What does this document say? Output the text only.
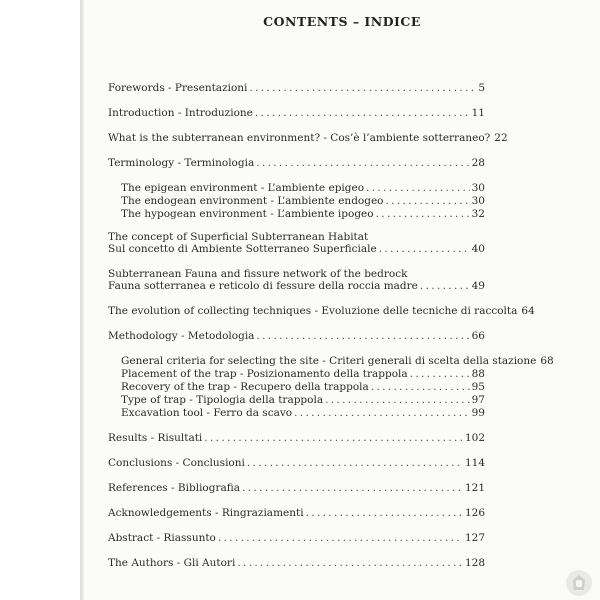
CONTENTS – INDICE
Forewords - Presentazioni . . .	5
Introduction - Introduzione . . .	11
What is the subterranean environment? - Cos’è l’ambiente sotterraneo? 22
Terminology - Terminologia . . .	28
The epigean environment - L’ambiente epigeo . . .	30
The endogean environment - L’ambiente endogeo . . .	30
The hypogean environment - L’ambiente ipogeo . . .	32
The concept of Superficial Subterranean Habitat
Sul concetto di Ambiente Sotterraneo Superficiale . . .	40
Subterranean Fauna and fissure network of the bedrock
Fauna sotterranea e reticolo di fessure della roccia madre . . .	49
The evolution of collecting techniques - Evoluzione delle tecniche di raccolta 64
Methodology - Metodologia . . .	66
General criteria for selecting the site - Criteri generali di scelta della stazione 68
Placement of the trap - Posizionamento della trappola . . .	88
Recovery of the trap - Recupero della trappola . . .	95
Type of trap - Tipologia della trappola . . .	97
Excavation tool - Ferro da scavo . . .	99
Results - Risultati . . .	102
Conclusions - Conclusioni . . .	114
References - Bibliografia . . .	121
Acknowledgements - Ringraziamenti . . .	126
Abstract - Riassunto . . .	127
The Authors - Gli Autori . . .	128
